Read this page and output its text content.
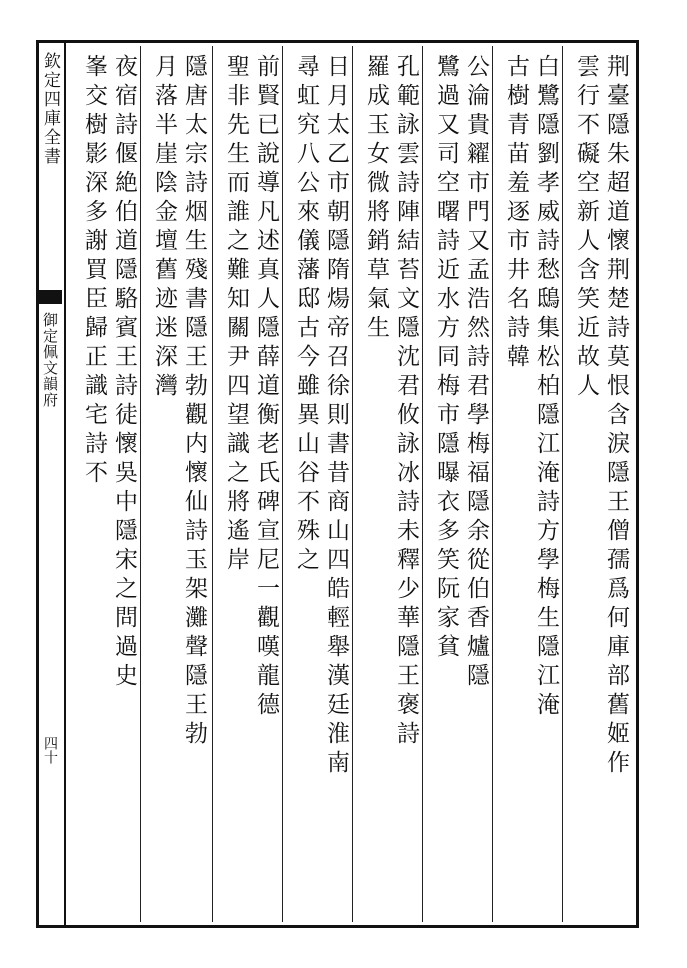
欽定四庫全書
御定佩文韻府
四十	荆臺隱朱超道懷荆楚詩莫恨含淚隱王僧孺爲何庫部舊姬作
雲行不礙空新人含笑近故人
白鷺隱劉孝威詩愁鴟集松柏隱江淹詩方學梅生隱江淹
古樹青苗羞逐市井名詩韓
公淪貴糴市門又孟浩然詩君學梅福隱余從伯香爐隱
鷺過又司空曙詩近水方同梅市隱曝衣多笑阮家貧
孔範詠雲詩陣結苔文隱沈君攸詠冰詩未釋少華隱王褒詩
羅成玉女微將銷草氣生
日月太乙市朝隱隋煬帝召徐則書昔商山四皓輕舉漢廷淮南
尋虹究八公來儀藩邸古今雖異山谷不殊之
前賢已說導凡述真人隱薛道衡老氏碑宣尼一觀嘆龍德
聖非先生而誰之難知關尹四望識之將遙岸
隱唐太宗詩烟生殘書隱王勃觀内懷仙詩玉架灘聲隱王勃
月落半崖陰金壇舊迹迷深灣
夜宿詩偃絶伯道隱駱賓王詩徒懷吳中隱宋之問過史
峯交樹影深多謝買臣歸正識宅詩不
